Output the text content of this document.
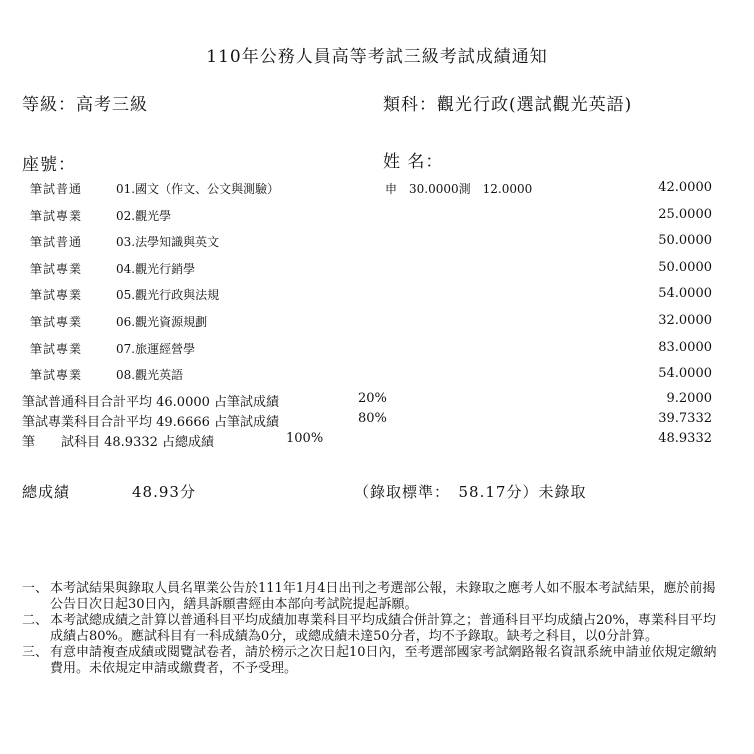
110年公務人員高等考試三級考試成績通知
等級：高考三級	類科：觀光行政(選試觀光英語)
座號：	姓 名：
申　30.0000測　12.0000
筆試普通	01.國文（作文、公文與測驗）	42.0000
筆試專業	02.觀光學	25.0000
筆試普通	03.法學知識與英文	50.0000
筆試專業	04.觀光行銷學	50.0000
筆試專業	05.觀光行政與法規	54.0000
筆試專業	06.觀光資源規劃	32.0000
筆試專業	07.旅運經營學	83.0000
筆試專業	08.觀光英語	54.0000
筆試普通科目合計平均 46.0000 占筆試成績	20%	9.2000
筆試專業科目合計平均 49.6666 占筆試成績	80%	39.7332
筆　　試科目 48.9332 占總成績	100%	48.9332
總成績	48.93分	（錄取標準：　58.17分）未錄取
一、 本考試結果與錄取人員名單業公告於111年1月4日出刊之考選部公報，未錄取之應考人如不服本考試結果，應於前揭公告日次日起30日內，繕具訴願書經由本部向考試院提起訴願。
二、 本考試總成績之計算以普通科目平均成績加專業科目平均成績合併計算之；普通科目平均成績占20%，專業科目平均成績占80%。應試科目有一科成績為0分，或總成績未達50分者，均不予錄取。缺考之科目，以0分計算。
三、 有意申請複查成績或閱覽試卷者，請於榜示之次日起10日內，至考選部國家考試網路報名資訊系統申請並依規定繳納費用。未依規定申請或繳費者，不予受理。
